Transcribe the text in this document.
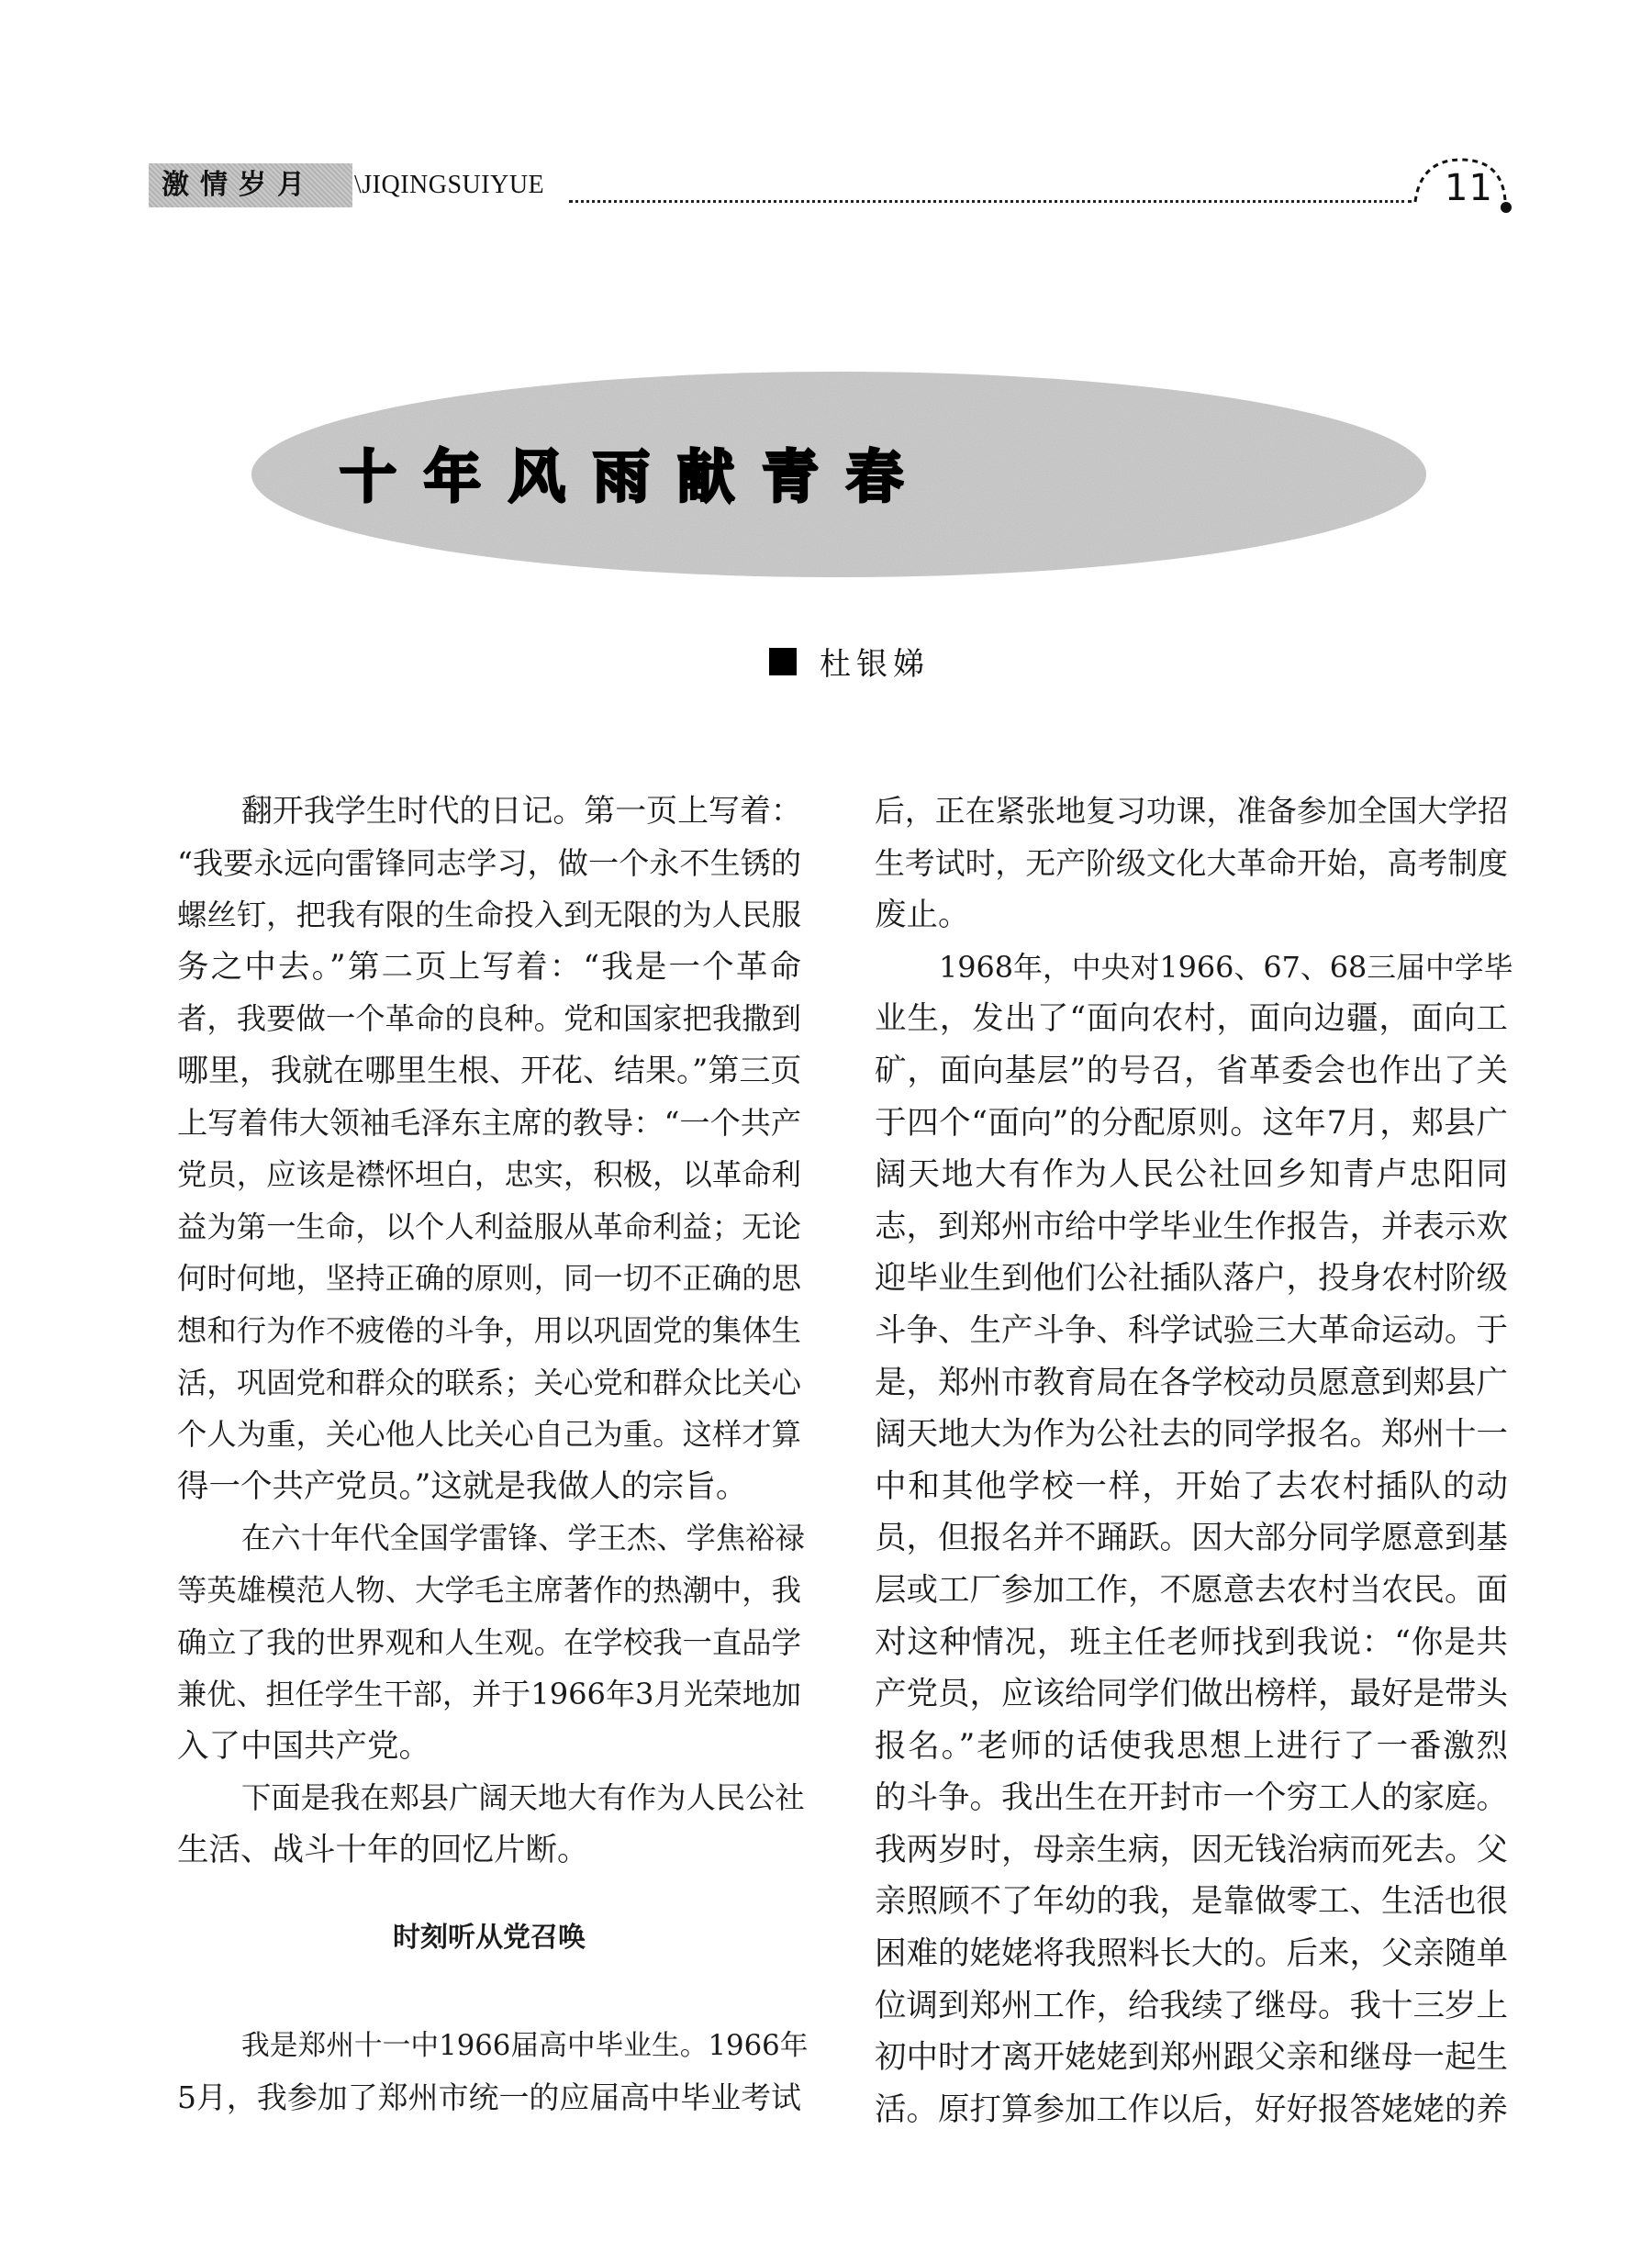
激情岁月	\JIQINGSUIYUE	11
十年风雨献青春
杜银娣
翻开我学生时代的日记。第一页上写着：
“我要永远向雷锋同志学习，做一个永不生锈的
螺丝钉，把我有限的生命投入到无限的为人民服
务之中去。”第二页上写着：“我是一个革命
者，我要做一个革命的良种。党和国家把我撒到
哪里，我就在哪里生根、开花、结果。”第三页
上写着伟大领袖毛泽东主席的教导：“一个共产
党员，应该是襟怀坦白，忠实，积极，以革命利
益为第一生命，以个人利益服从革命利益；无论
何时何地，坚持正确的原则，同一切不正确的思
想和行为作不疲倦的斗争，用以巩固党的集体生
活，巩固党和群众的联系；关心党和群众比关心
个人为重，关心他人比关心自己为重。这样才算
得一个共产党员。”这就是我做人的宗旨。
在六十年代全国学雷锋、学王杰、学焦裕禄
等英雄模范人物、大学毛主席著作的热潮中，我
确立了我的世界观和人生观。在学校我一直品学
兼优、担任学生干部，并于1966年3月光荣地加
入了中国共产党。
下面是我在郏县广阔天地大有作为人民公社
生活、战斗十年的回忆片断。
时刻听从党召唤
我是郑州十一中1966届高中毕业生。1966年
5月，我参加了郑州市统一的应届高中毕业考试
后，正在紧张地复习功课，准备参加全国大学招
生考试时，无产阶级文化大革命开始，高考制度
废止。
1968年，中央对1966、67、68三届中学毕
业生，发出了“面向农村，面向边疆，面向工
矿，面向基层”的号召，省革委会也作出了关
于四个“面向”的分配原则。这年7月，郏县广
阔天地大有作为人民公社回乡知青卢忠阳同
志，到郑州市给中学毕业生作报告，并表示欢
迎毕业生到他们公社插队落户，投身农村阶级
斗争、生产斗争、科学试验三大革命运动。于
是，郑州市教育局在各学校动员愿意到郏县广
阔天地大为作为公社去的同学报名。郑州十一
中和其他学校一样，开始了去农村插队的动
员，但报名并不踊跃。因大部分同学愿意到基
层或工厂参加工作，不愿意去农村当农民。面
对这种情况，班主任老师找到我说：“你是共
产党员，应该给同学们做出榜样，最好是带头
报名。”老师的话使我思想上进行了一番激烈
的斗争。我出生在开封市一个穷工人的家庭。
我两岁时，母亲生病，因无钱治病而死去。父
亲照顾不了年幼的我，是靠做零工、生活也很
困难的姥姥将我照料长大的。后来，父亲随单
位调到郑州工作，给我续了继母。我十三岁上
初中时才离开姥姥到郑州跟父亲和继母一起生
活。原打算参加工作以后，好好报答姥姥的养
